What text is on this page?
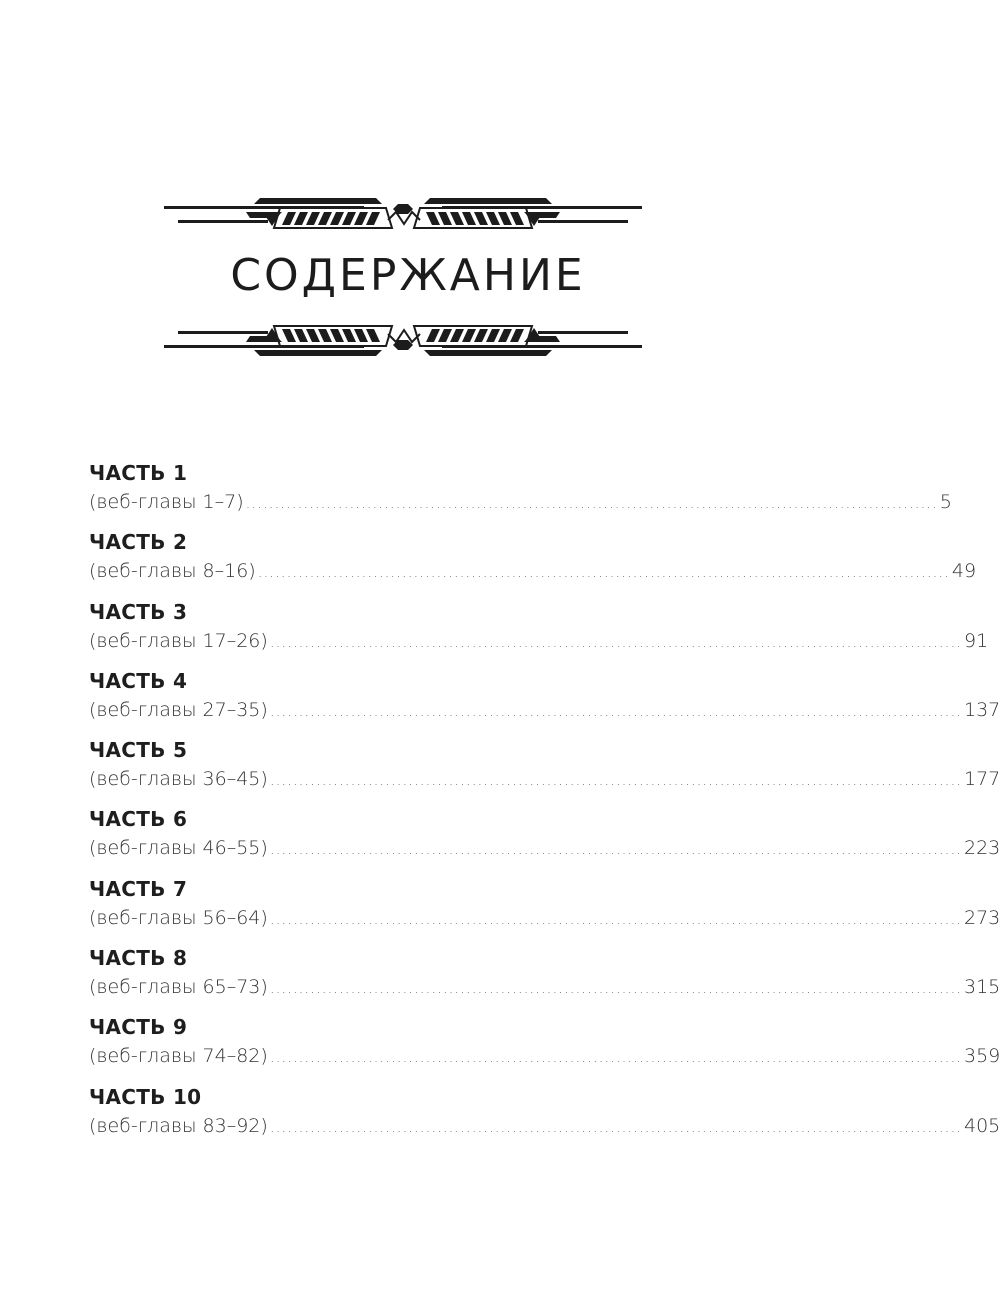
СОДЕРЖАНИЕ
ЧАСТЬ 1
(веб-главы 1–7) ........................................................................................................................ 5
ЧАСТЬ 2
(веб-главы 8–16) ........................................................................................................................ 49
ЧАСТЬ 3
(веб-главы 17–26) ........................................................................................................................ 91
ЧАСТЬ 4
(веб-главы 27–35) ........................................................................................................................ 137
ЧАСТЬ 5
(веб-главы 36–45) ........................................................................................................................ 177
ЧАСТЬ 6
(веб-главы 46–55) ........................................................................................................................ 223
ЧАСТЬ 7
(веб-главы 56–64) ........................................................................................................................ 273
ЧАСТЬ 8
(веб-главы 65–73) ........................................................................................................................ 315
ЧАСТЬ 9
(веб-главы 74–82) ........................................................................................................................ 359
ЧАСТЬ 10
(веб-главы 83–92) ........................................................................................................................ 405
